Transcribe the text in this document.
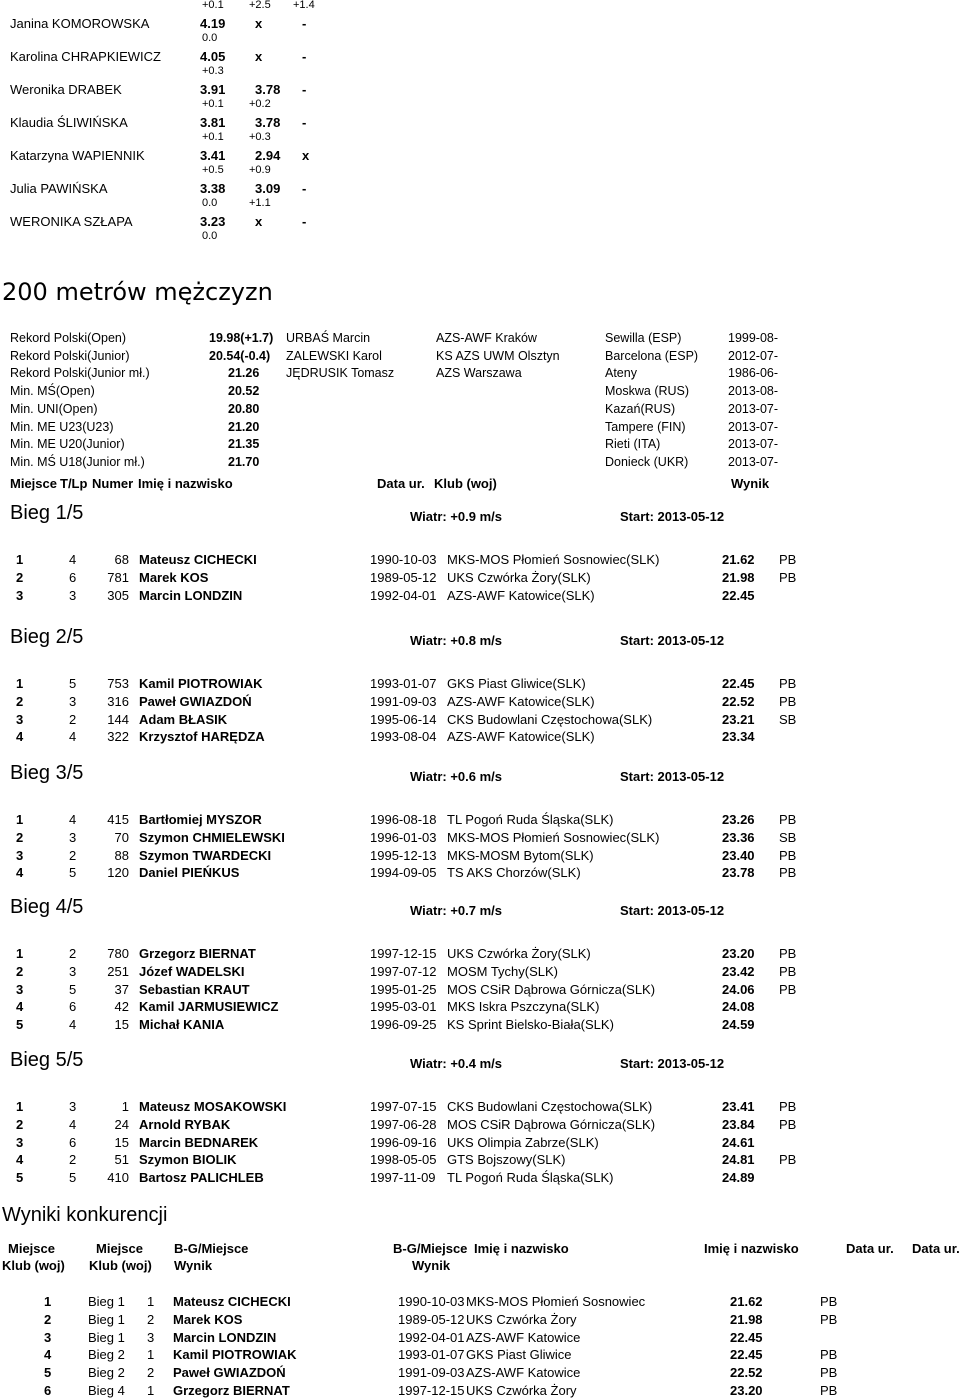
+0.1 +2.5 +1.4
Janina KOMOROWSKA	4.19 x	-
0.0
Karolina CHRAPKIEWICZ	4.05 x	-
+0.3
Weronika DRABEK	3.91 3.78 -
+0.1 +0.2
Klaudia ŚLIWIŃSKA	3.81 3.78 -
+0.1 +0.3
Katarzyna WAPIENNIK	3.41 2.94 x
+0.5 +0.9
Julia PAWIŃSKA	3.38 3.09 -
0.0	+1.1
WERONIKA SZŁAPA	3.23 x	-
0.0
200 metrów mężczyzn
Rekord Polski(Open)	19.98(+1.7) URBAŚ Marcin	AZS-AWF Kraków	Sewilla (ESP)	1999-08-
Rekord Polski(Junior)	20.54(-0.4) ZALEWSKI Karol	KS AZS UWM Olsztyn	Barcelona (ESP) 2012-07-
Rekord Polski(Junior mł.)	21.26 JĘDRUSIK Tomasz	AZS Warszawa	Ateny	1986-06-
Min. MŚ(Open)	20.52	Moskwa (RUS)	2013-08-
Min. UNI(Open)	20.80	Kazań(RUS)	2013-07-
Min. ME U23(U23)	21.20	Tampere (FIN)	2013-07-
Min. ME U20(Junior)	21.35	Rieti (ITA)	2013-07-
Min. MŚ U18(Junior mł.)	21.70	Donieck (UKR)	2013-07-
Miejsce T/Lp Numer Imię i nazwisko	Data ur. Klub (woj)	Wynik
Bieg 1/5	Wiatr: +0.9 m/s	Start: 2013-05-12
1	4	68 Mateusz CICHECKI	1990-10-03 MKS-MOS Płomień Sosnowiec(SLK)	21.62 PB
2	6 781 Marek KOS	1989-05-12 UKS Czwórka Żory(SLK)	21.98 PB
3	3 305 Marcin LONDZIN	1992-04-01 AZS-AWF Katowice(SLK)	22.45
Bieg 2/5	Wiatr: +0.8 m/s	Start: 2013-05-12
1	5 753 Kamil PIOTROWIAK	1993-01-07 GKS Piast Gliwice(SLK)	22.45 PB
2	3 316 Paweł GWIAZDOŃ	1991-09-03 AZS-AWF Katowice(SLK)	22.52 PB
3	2 144 Adam BŁASIK	1995-06-14 CKS Budowlani Częstochowa(SLK)	23.21 SB
4	4 322 Krzysztof HARĘDZA	1993-08-04 AZS-AWF Katowice(SLK)	23.34
Bieg 3/5	Wiatr: +0.6 m/s	Start: 2013-05-12
1	4 415 Bartłomiej MYSZOR	1996-08-18 TL Pogoń Ruda Śląska(SLK)	23.26 PB
2	3	70 Szymon CHMIELEWSKI	1996-01-03 MKS-MOS Płomień Sosnowiec(SLK)	23.36 SB
3	2	88 Szymon TWARDECKI	1995-12-13 MKS-MOSM Bytom(SLK)	23.40 PB
4	5 120 Daniel PIEŃKUS	1994-09-05 TS AKS Chorzów(SLK)	23.78 PB
Bieg 4/5	Wiatr: +0.7 m/s	Start: 2013-05-12
1	2 780 Grzegorz BIERNAT	1997-12-15 UKS Czwórka Żory(SLK)	23.20 PB
2	3 251 Józef WADELSKI	1997-07-12 MOSM Tychy(SLK)	23.42 PB
3	5	37 Sebastian KRAUT	1995-01-25 MOS CSiR Dąbrowa Górnicza(SLK)	24.06 PB
4	6	42 Kamil JARMUSIEWICZ	1995-03-01 MKS Iskra Pszczyna(SLK)	24.08
5	4	15 Michał KANIA	1996-09-25 KS Sprint Bielsko-Biała(SLK)	24.59
Bieg 5/5	Wiatr: +0.4 m/s	Start: 2013-05-12
1	3	1 Mateusz MOSAKOWSKI	1997-07-15 CKS Budowlani Częstochowa(SLK)	23.41 PB
2	4	24 Arnold RYBAK	1997-06-28 MOS CSiR Dąbrowa Górnicza(SLK)	23.84 PB
3	6	15 Marcin BEDNAREK	1996-09-16 UKS Olimpia Zabrze(SLK)	24.61
4	2	51 Szymon BIOLIK	1998-05-05 GTS Bojszowy(SLK)	24.81 PB
5	5 410 Bartosz PALICHLEB	1997-11-09 TL Pogoń Ruda Śląska(SLK)	24.89
Wyniki konkurencji
Miejsce	Miejsce B-G/Miejsce	B-G/Miejsce Imię i nazwisko	Imię i nazwisko	Data ur. Data ur.
Klub (woj) Klub (woj) Wynik	Wynik
1	Bieg 1 1 Mateusz CICHECKI	1990-10-03 MKS-MOS Płomień Sosnowiec	21.62	PB
2	Bieg 1 2 Marek KOS	1989-05-12 UKS Czwórka Żory	21.98	PB
3	Bieg 1 3 Marcin LONDZIN	1992-04-01 AZS-AWF Katowice	22.45
4	Bieg 2 1 Kamil PIOTROWIAK	1993-01-07 GKS Piast Gliwice	22.45	PB
5	Bieg 2 2 Paweł GWIAZDOŃ	1991-09-03 AZS-AWF Katowice	22.52	PB
6	Bieg 4 1 Grzegorz BIERNAT	1997-12-15 UKS Czwórka Żory	23.20	PB
